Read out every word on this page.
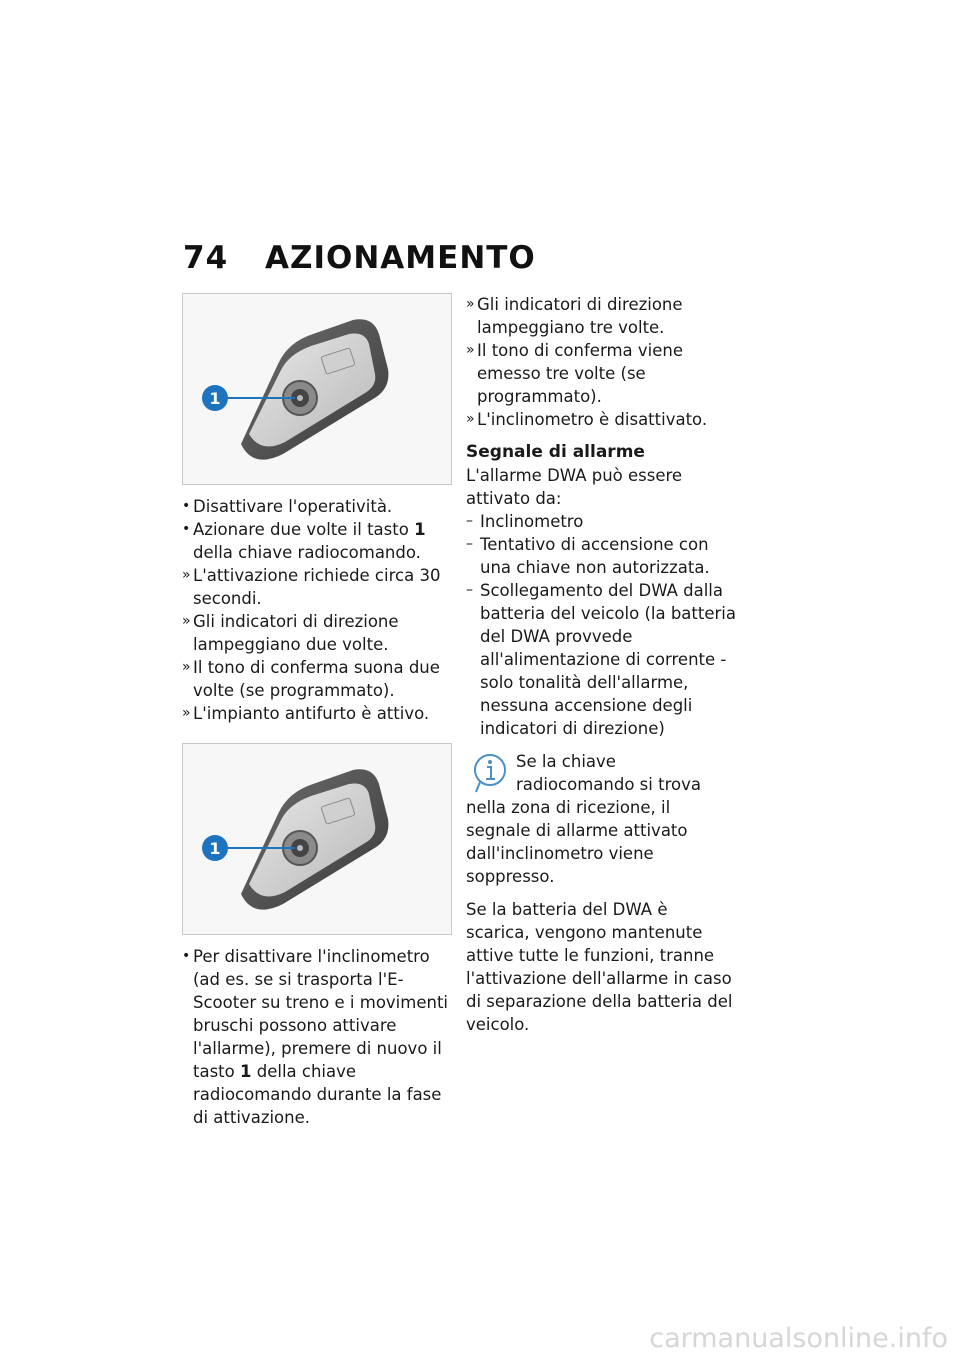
74 AZIONAMENTO
1
• Disattivare l'operatività.
• Azionare due volte il tasto 1 della chiave radiocomando.
» L'attivazione richiede circa 30 secondi.
» Gli indicatori di direzione lampeggiano due volte.
» Il tono di conferma suona due volte (se programmato).
» L'impianto antifurto è attivo.
1
• Per disattivare l'inclinometro (ad es. se si trasporta l'E-Scooter su treno e i movimenti bruschi possono attivare l'allarme), premere di nuovo il tasto 1 della chiave radiocomando durante la fase di attivazione.
» Gli indicatori di direzione lampeggiano tre volte.
» Il tono di conferma viene emesso tre volte (se programmato).
» L'inclinometro è disattivato.
Segnale di allarme

L'allarme DWA può essere attivato da:

– Inclinometro
– Tentativo di accensione con una chiave non autorizzata.
– Scollegamento del DWA dalla batteria del veicolo (la batteria del DWA provvede all'alimentazione di corrente - solo tonalità dell'allarme, nessuna accensione degli indicatori di direzione)

Se la chiave radiocomando si trova nella zona di ricezione, il segnale di allarme attivato dall'inclinometro viene soppresso.

Se la batteria del DWA è scarica, vengono mantenute attive tutte le funzioni, tranne l'attivazione dell'allarme in caso di separazione della batteria del veicolo.

carmanualsonline.info
